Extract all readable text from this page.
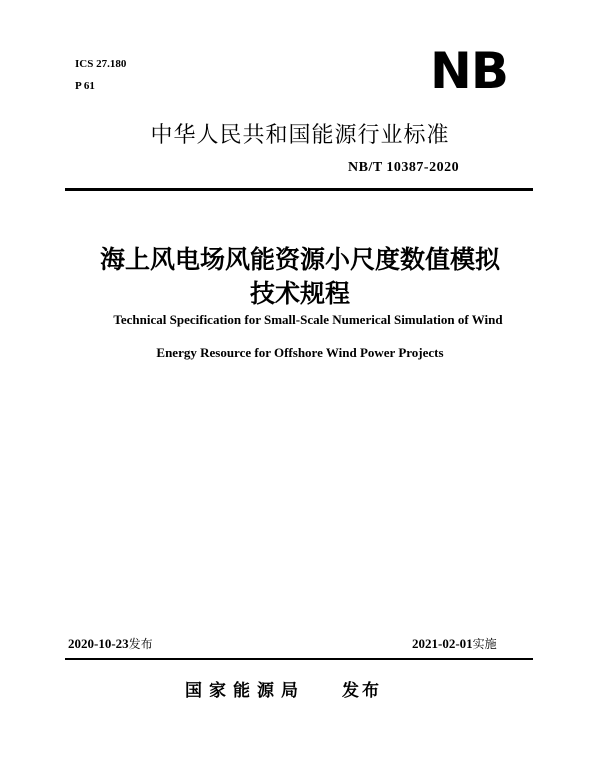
ICS 27.180
P 61	NB
中华人民共和国能源行业标准
NB/T 10387-2020
海上风电场风能资源小尺度数值模拟
技术规程
Technical Specification for Small-Scale Numerical Simulation of Wind
Energy Resource for Offshore Wind Power Projects
2020-10-23发布	2021-02-01实施
国家能源局 发布
